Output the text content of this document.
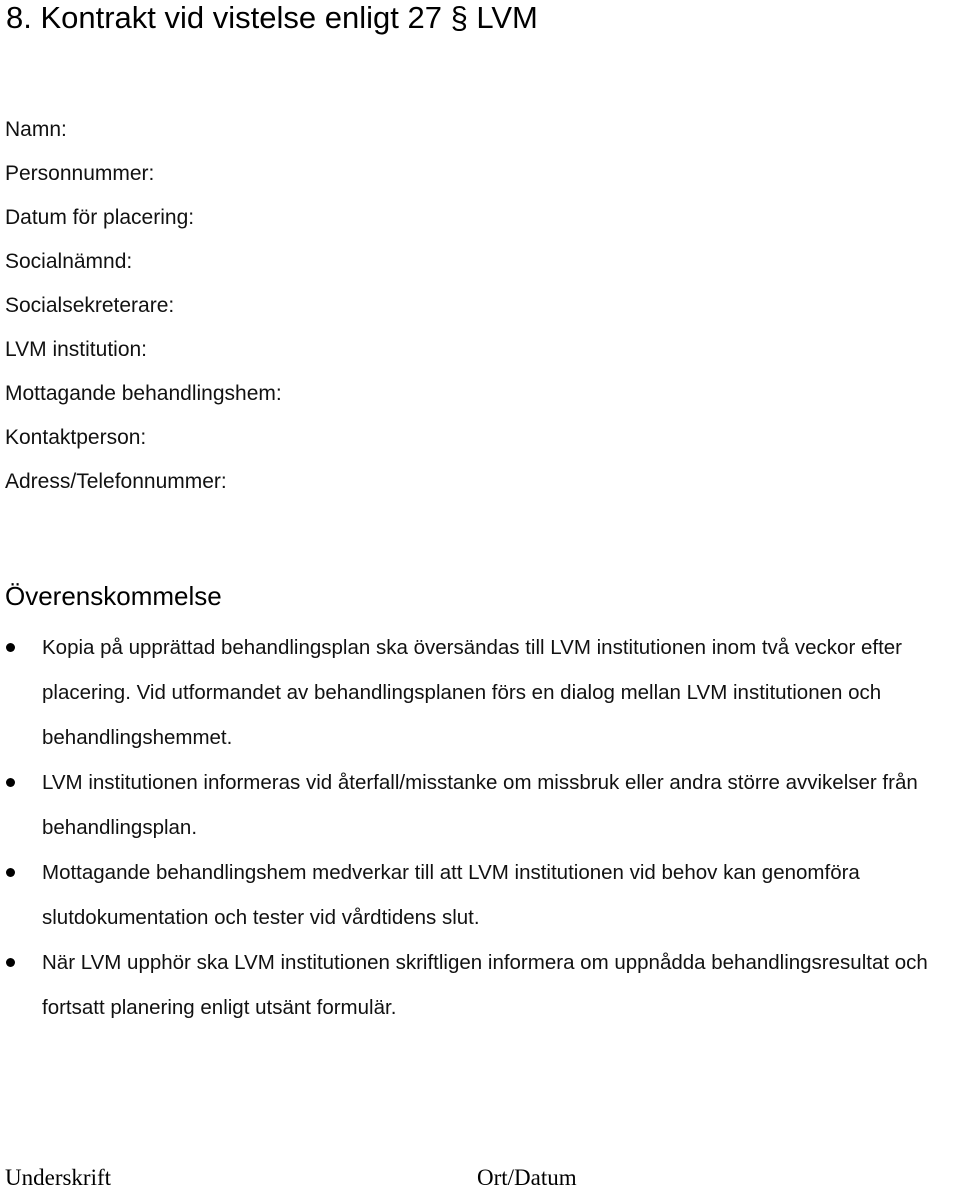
8. Kontrakt vid vistelse enligt 27 § LVM
Namn:
Personnummer:
Datum för placering:
Socialnämnd:
Socialsekreterare:
LVM institution:
Mottagande behandlingshem:
Kontaktperson:
Adress/Telefonnummer:
Överenskommelse
Kopia på upprättad behandlingsplan ska översändas till LVM institutionen inom två veckor efter placering. Vid utformandet av behandlingsplanen förs en dialog mellan LVM institutionen och behandlingshemmet.
LVM institutionen informeras vid återfall/misstanke om missbruk eller andra större avvikelser från behandlingsplan.
Mottagande behandlingshem medverkar till att LVM institutionen vid behov kan genomföra slutdokumentation och tester vid vårdtidens slut.
När LVM upphör ska LVM institutionen skriftligen informera om uppnådda behandlingsresultat och fortsatt planering enligt utsänt formulär.
Underskrift	Ort/Datum
